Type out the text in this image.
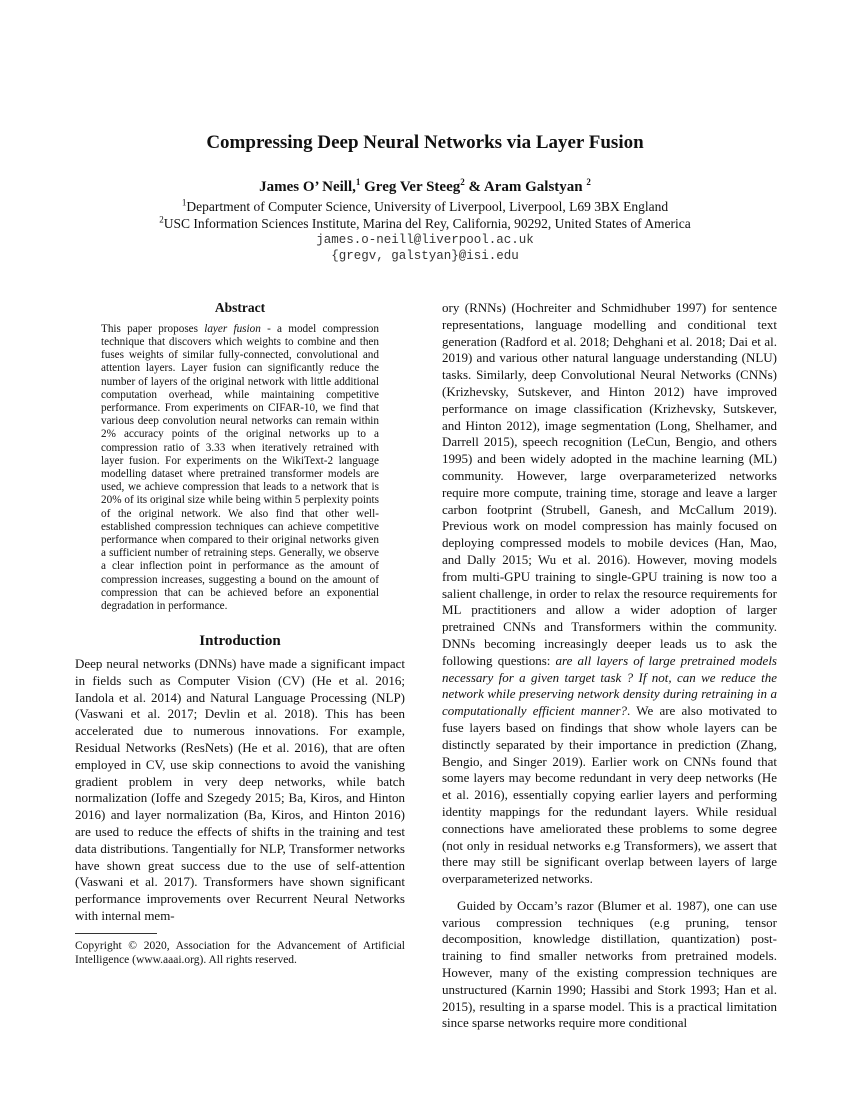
Compressing Deep Neural Networks via Layer Fusion
James O’ Neill,$^1$ Greg Ver Steeg$^2$ & Aram Galstyan $^2$
$^1$Department of Computer Science, University of Liverpool, Liverpool, L69 3BX England
$^2$USC Information Sciences Institute, Marina del Rey, California, 90292, United States of America
james.o-neill@liverpool.ac.uk
{gregv, galstyan}@isi.edu
Abstract
This paper proposes layer fusion - a model compression technique that discovers which weights to combine and then fuses weights of similar fully-connected, convolutional and attention layers. Layer fusion can significantly reduce the number of layers of the original network with little additional computation overhead, while maintaining competitive performance. From experiments on CIFAR-10, we find that various deep convolution neural networks can remain within 2% accuracy points of the original networks up to a compression ratio of 3.33 when iteratively retrained with layer fusion. For experiments on the WikiText-2 language modelling dataset where pretrained transformer models are used, we achieve compression that leads to a network that is 20% of its original size while being within 5 perplexity points of the original network. We also find that other well-established compression techniques can achieve competitive performance when compared to their original networks given a sufficient number of retraining steps. Generally, we observe a clear inflection point in performance as the amount of compression increases, suggesting a bound on the amount of compression that can be achieved before an exponential degradation in performance.
Introduction

Deep neural networks (DNNs) have made a significant impact in fields such as Computer Vision (CV) (He et al. 2016; Iandola et al. 2014) and Natural Language Processing (NLP) (Vaswani et al. 2017; Devlin et al. 2018). This has been accelerated due to numerous innovations. For example, Residual Networks (ResNets) (He et al. 2016), that are often employed in CV, use skip connections to avoid the vanishing gradient problem in very deep networks, while batch normalization (Ioffe and Szegedy 2015; Ba, Kiros, and Hinton 2016) and layer normalization (Ba, Kiros, and Hinton 2016) are used to reduce the effects of shifts in the training and test data distributions. Tangentially for NLP, Transformer networks have shown great success due to the use of self-attention (Vaswani et al. 2017). Transformers have shown significant performance improvements over Recurrent Neural Networks with internal mem-

Copyright © 2020, Association for the Advancement of Artificial Intelligence (www.aaai.org). All rights reserved.

ory (RNNs) (Hochreiter and Schmidhuber 1997) for sentence representations, language modelling and conditional text generation (Radford et al. 2018; Dehghani et al. 2018; Dai et al. 2019) and various other natural language understanding (NLU) tasks. Similarly, deep Convolutional Neural Networks (CNNs) (Krizhevsky, Sutskever, and Hinton 2012) have improved performance on image classification (Krizhevsky, Sutskever, and Hinton 2012), image segmentation (Long, Shelhamer, and Darrell 2015), speech recognition (LeCun, Bengio, and others 1995) and been widely adopted in the machine learning (ML) community. However, large overparameterized networks require more compute, training time, storage and leave a larger carbon footprint (Strubell, Ganesh, and McCallum 2019). Previous work on model compression has mainly focused on deploying compressed models to mobile devices (Han, Mao, and Dally 2015; Wu et al. 2016). However, moving models from multi-GPU training to single-GPU training is now too a salient challenge, in order to relax the resource requirements for ML practitioners and allow a wider adoption of larger pretrained CNNs and Transformers within the community. DNNs becoming increasingly deeper leads us to ask the following questions: are all layers of large pretrained models necessary for a given target task ? If not, can we reduce the network while preserving network density during retraining in a computationally efficient manner?. We are also motivated to fuse layers based on findings that show whole layers can be distinctly separated by their importance in prediction (Zhang, Bengio, and Singer 2019). Earlier work on CNNs found that some layers may become redundant in very deep networks (He et al. 2016), essentially copying earlier layers and performing identity mappings for the redundant layers. While residual connections have ameliorated these problems to some degree (not only in residual networks e.g Transformers), we assert that there may still be significant overlap between layers of large overparameterized networks.

Guided by Occam’s razor (Blumer et al. 1987), one can use various compression techniques (e.g pruning, tensor decomposition, knowledge distillation, quantization) post-training to find smaller networks from pretrained models. However, many of the existing compression techniques are unstructured (Karnin 1990; Hassibi and Stork 1993; Han et al. 2015), resulting in a sparse model. This is a practical limitation since sparse networks require more conditional
